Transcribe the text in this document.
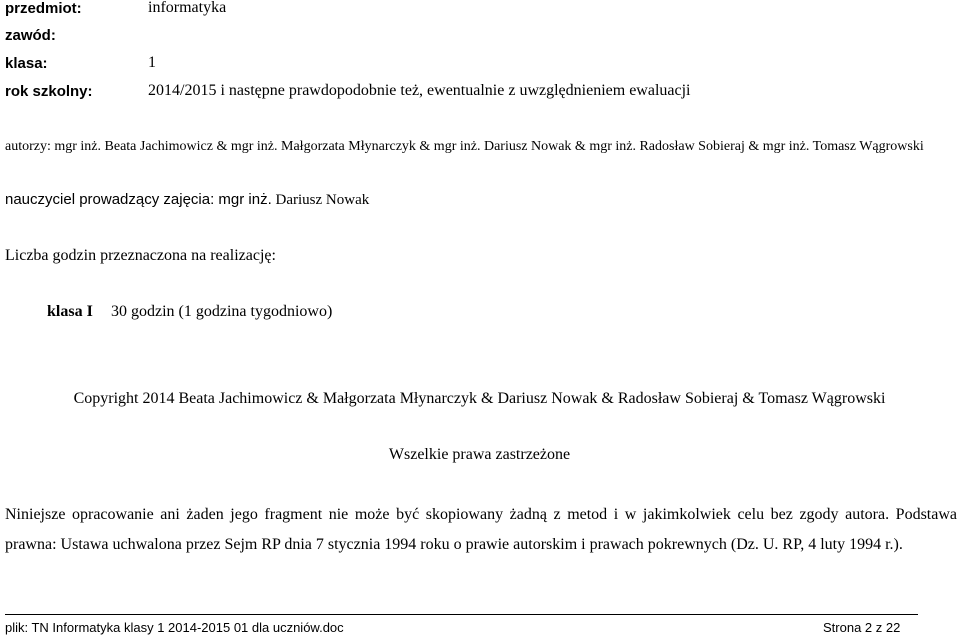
przedmiot:	informatyka
zawód:
klasa:	1
rok szkolny:	2014/2015 i następne prawdopodobnie też, ewentualnie z uwzględnieniem ewaluacji
autorzy: mgr inż. Beata Jachimowicz & mgr inż. Małgorzata Młynarczyk & mgr inż. Dariusz Nowak & mgr inż. Radosław Sobieraj & mgr inż. Tomasz Wągrowski
nauczyciel prowadzący zajęcia: mgr inż. Dariusz Nowak
Liczba godzin przeznaczona na realizację:
klasa I 30 godzin (1 godzina tygodniowo)
Copyright 2014 Beata Jachimowicz & Małgorzata Młynarczyk & Dariusz Nowak & Radosław Sobieraj & Tomasz Wągrowski
Wszelkie prawa zastrzeżone
Niniejsze opracowanie ani żaden jego fragment nie może być skopiowany żadną z metod i w jakimkolwiek celu bez zgody autora. Podstawa prawna: Ustawa uchwalona przez Sejm RP dnia 7 stycznia 1994 roku o prawie autorskim i prawach pokrewnych (Dz. U. RP, 4 luty 1994 r.).
plik: TN Informatyka klasy 1 2014-2015 01 dla uczniów.doc	Strona 2 z 22
